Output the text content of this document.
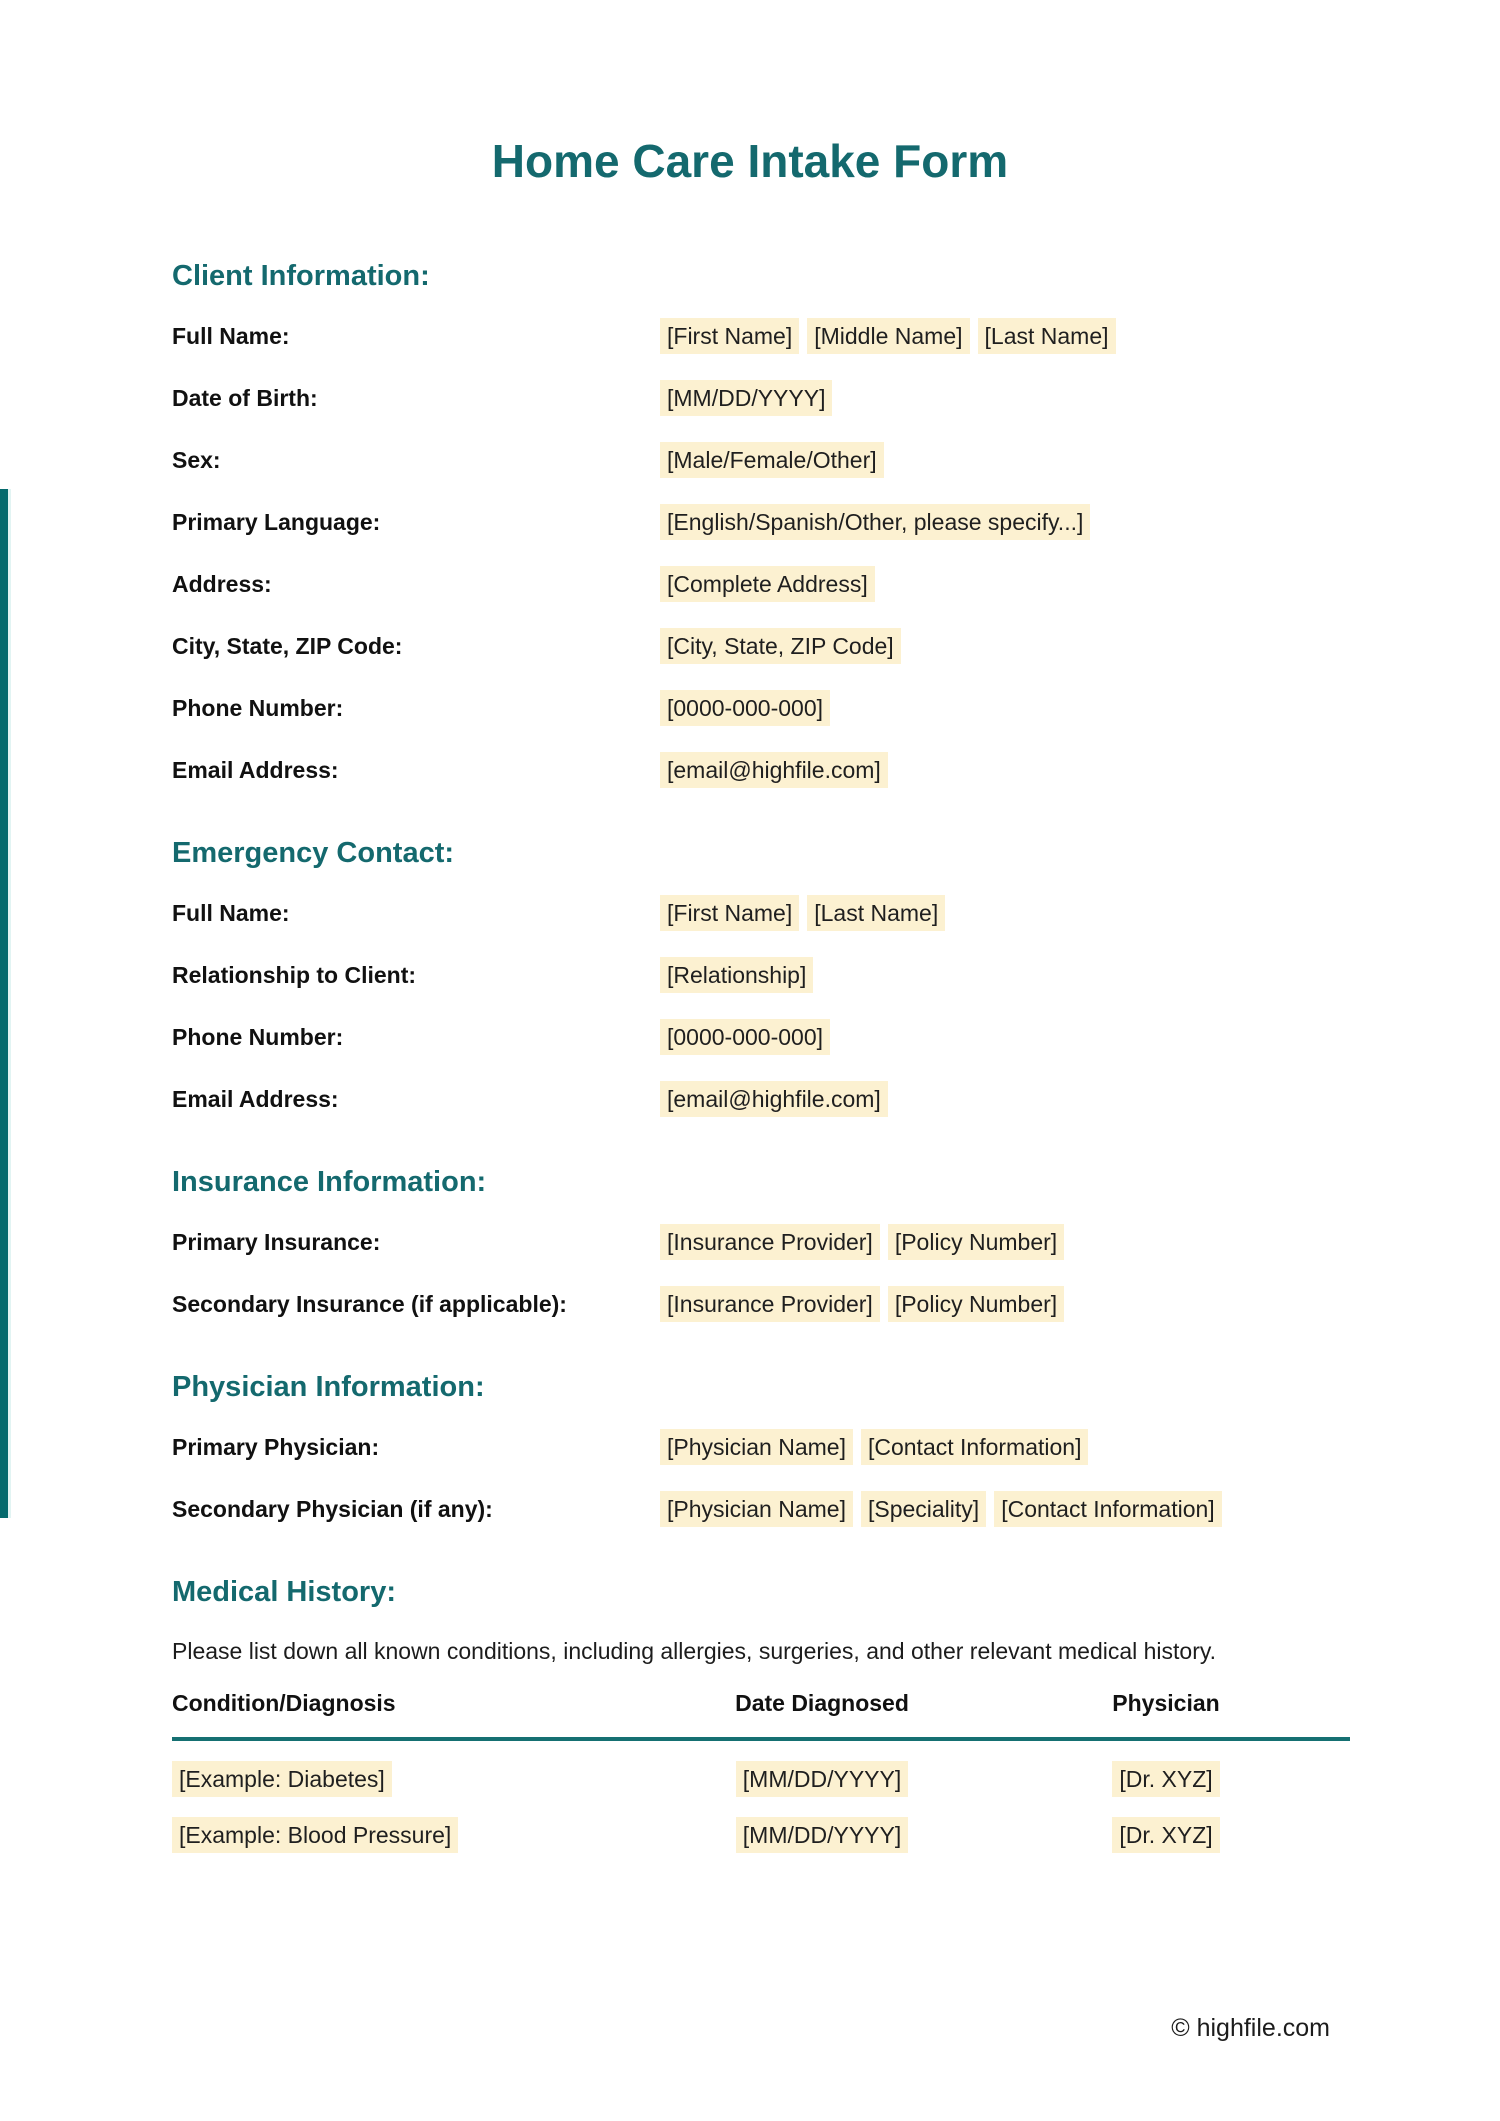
Home Care Intake Form
Client Information:
Full Name:	[First Name] [Middle Name] [Last Name]
Date of Birth:	[MM/DD/YYYY]
Sex:	[Male/Female/Other]
Primary Language:	[English/Spanish/Other, please specify...]
Address:	[Complete Address]
City, State, ZIP Code:	[City, State, ZIP Code]
Phone Number:	[0000-000-000]
Email Address:	[email@highfile.com]
Emergency Contact:
Full Name:	[First Name] [Last Name]
Relationship to Client:	[Relationship]
Phone Number:	[0000-000-000]
Email Address:	[email@highfile.com]
Insurance Information:
Primary Insurance:	[Insurance Provider] [Policy Number]
Secondary Insurance (if applicable):	[Insurance Provider] [Policy Number]
Physician Information:
Primary Physician:	[Physician Name] [Contact Information]
Secondary Physician (if any):	[Physician Name] [Speciality] [Contact Information]
Medical History:

Please list down all known conditions, including allergies, surgeries, and other relevant medical history.

Condition/Diagnosis	Date Diagnosed	Physician
[Example: Diabetes]	[MM/DD/YYYY]	[Dr. XYZ]
[Example: Blood Pressure]	[MM/DD/YYYY]	[Dr. XYZ]
© highfile.com
